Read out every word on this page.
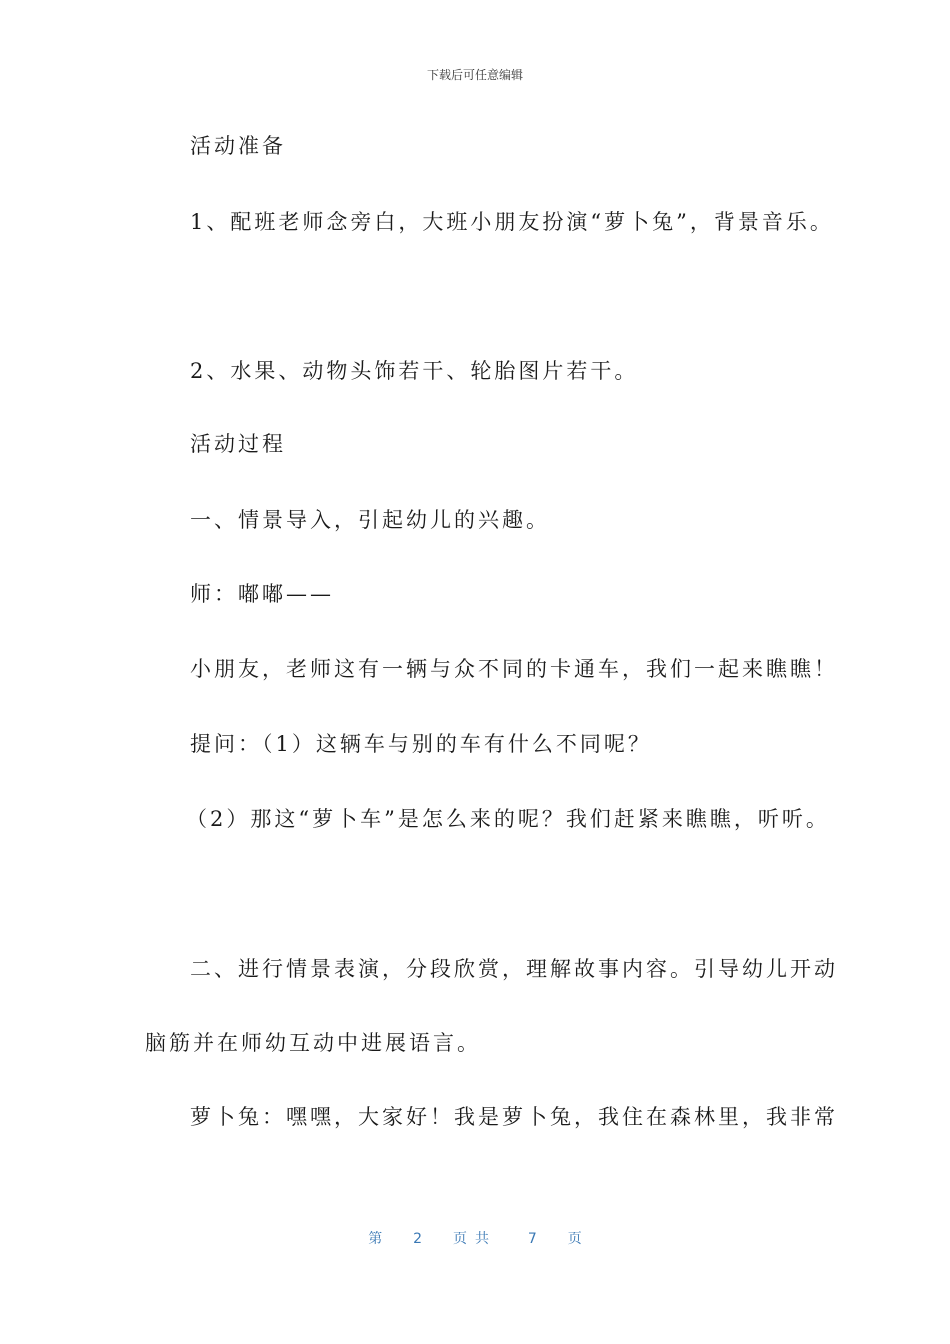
下载后可任意编辑
活动准备
1、配班老师念旁白，大班小朋友扮演“萝卜兔”，背景音乐。
2、水果、动物头饰若干、轮胎图片若干。
活动过程
一、情景导入，引起幼儿的兴趣。
师：嘟嘟——
小朋友，老师这有一辆与众不同的卡通车，我们一起来瞧瞧！
提问：（1）这辆车与别的车有什么不同呢？
（2）那这“萝卜车”是怎么来的呢？我们赶紧来瞧瞧，听听。
二、进行情景表演，分段欣赏，理解故事内容。引导幼儿开动
脑筋并在师幼互动中进展语言。
萝卜兔：嘿嘿，大家好！我是萝卜兔，我住在森林里，我非常
第 2 页共 7 页
